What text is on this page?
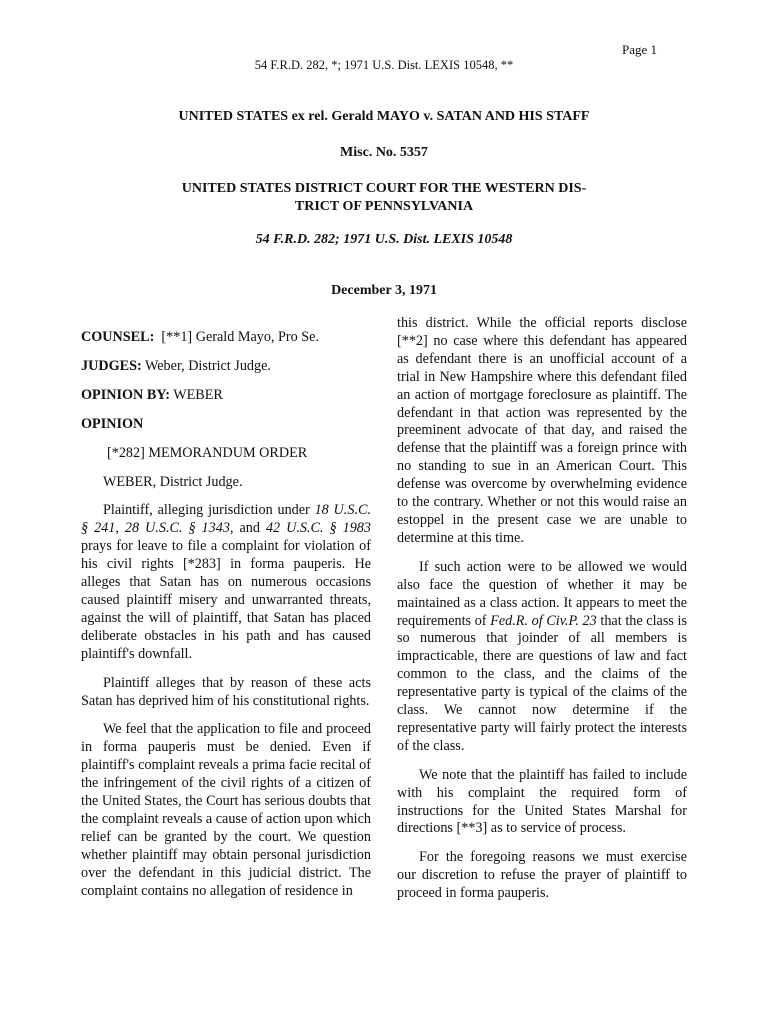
Page 1
54 F.R.D. 282, *; 1971 U.S. Dist. LEXIS 10548, **
UNITED STATES ex rel. Gerald MAYO v. SATAN AND HIS STAFF
Misc. No. 5357
UNITED STATES DISTRICT COURT FOR THE WESTERN DIS-
TRICT OF PENNSYLVANIA
54 F.R.D. 282; 1971 U.S. Dist. LEXIS 10548
December 3, 1971

COUNSEL: [**1] Gerald Mayo, Pro Se.

JUDGES: Weber, District Judge.

OPINION BY: WEBER

OPINION

[*282] MEMORANDUM ORDER

WEBER, District Judge.

Plaintiff, alleging jurisdiction under 18 U.S.C. § 241, 28 U.S.C. § 1343, and 42 U.S.C. § 1983 prays for leave to file a complaint for violation of his civil rights [*283] in forma pauperis. He alleges that Satan has on numerous occasions caused plaintiff misery and unwarranted threats, against the will of plaintiff, that Satan has placed deliberate obstacles in his path and has caused plaintiff's downfall.

Plaintiff alleges that by reason of these acts Satan has deprived him of his constitutional rights.

We feel that the application to file and proceed in forma pauperis must be denied. Even if plaintiff's complaint reveals a prima facie recital of the infringement of the civil rights of a citizen of the United States, the Court has serious doubts that the complaint reveals a cause of action upon which relief can be granted by the court. We question whether plaintiff may obtain personal jurisdiction over the defendant in this judicial district. The complaint contains no allegation of residence in

this district. While the official reports disclose [**2] no case where this defendant has appeared as defendant there is an unofficial account of a trial in New Hampshire where this defendant filed an action of mortgage foreclosure as plaintiff. The defendant in that action was represented by the preeminent advocate of that day, and raised the defense that the plaintiff was a foreign prince with no standing to sue in an American Court. This defense was overcome by overwhelming evidence to the contrary. Whether or not this would raise an estoppel in the present case we are unable to determine at this time.

If such action were to be allowed we would also face the question of whether it may be maintained as a class action. It appears to meet the requirements of Fed.R. of Civ.P. 23 that the class is so numerous that joinder of all members is impracticable, there are questions of law and fact common to the class, and the claims of the representative party is typical of the claims of the class. We cannot now determine if the representative party will fairly protect the interests of the class.

We note that the plaintiff has failed to include with his complaint the required form of instructions for the United States Marshal for directions [**3] as to service of process.

For the foregoing reasons we must exercise our discretion to refuse the prayer of plaintiff to proceed in forma pauperis.
